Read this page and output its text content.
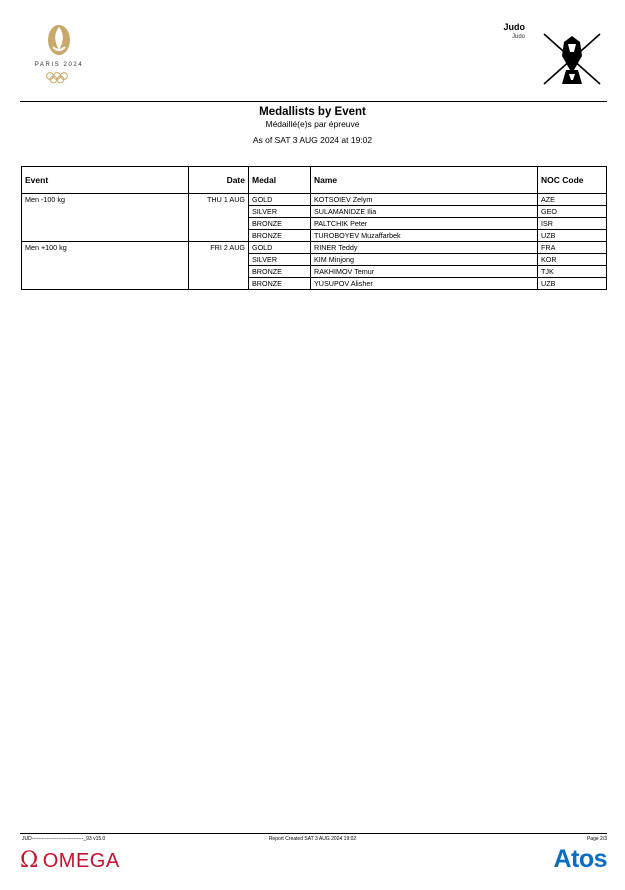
PARIS 2024
Judo
Judo
Medallists by Event
Médaillé(e)s par épreuve
As of SAT 3 AUG 2024 at 19:02
Event	Date	Medal	Name	NOC Code
Men -100 kg	THU 1 AUG	GOLD	KOTSOIEV Zelym	AZE
		SILVER	SULAMANIDZE Ilia	GEO
		BRONZE	PALTCHIK Peter	ISR
		BRONZE	TUROBOYEV Muzaffarbek	UZB
Men +100 kg	FRI 2 AUG	GOLD	RINER Teddy	FRA
		SILVER	KIM Minjong	KOR
		BRONZE	RAKHIMOV Temur	TJK
		BRONZE	YUSUPOV Alisher	UZB
JUD-------------------------------_93 v15.0	Report Created SAT 3 AUG 2024 19:02	Page 2/3
Ω OMEGA	Atos
